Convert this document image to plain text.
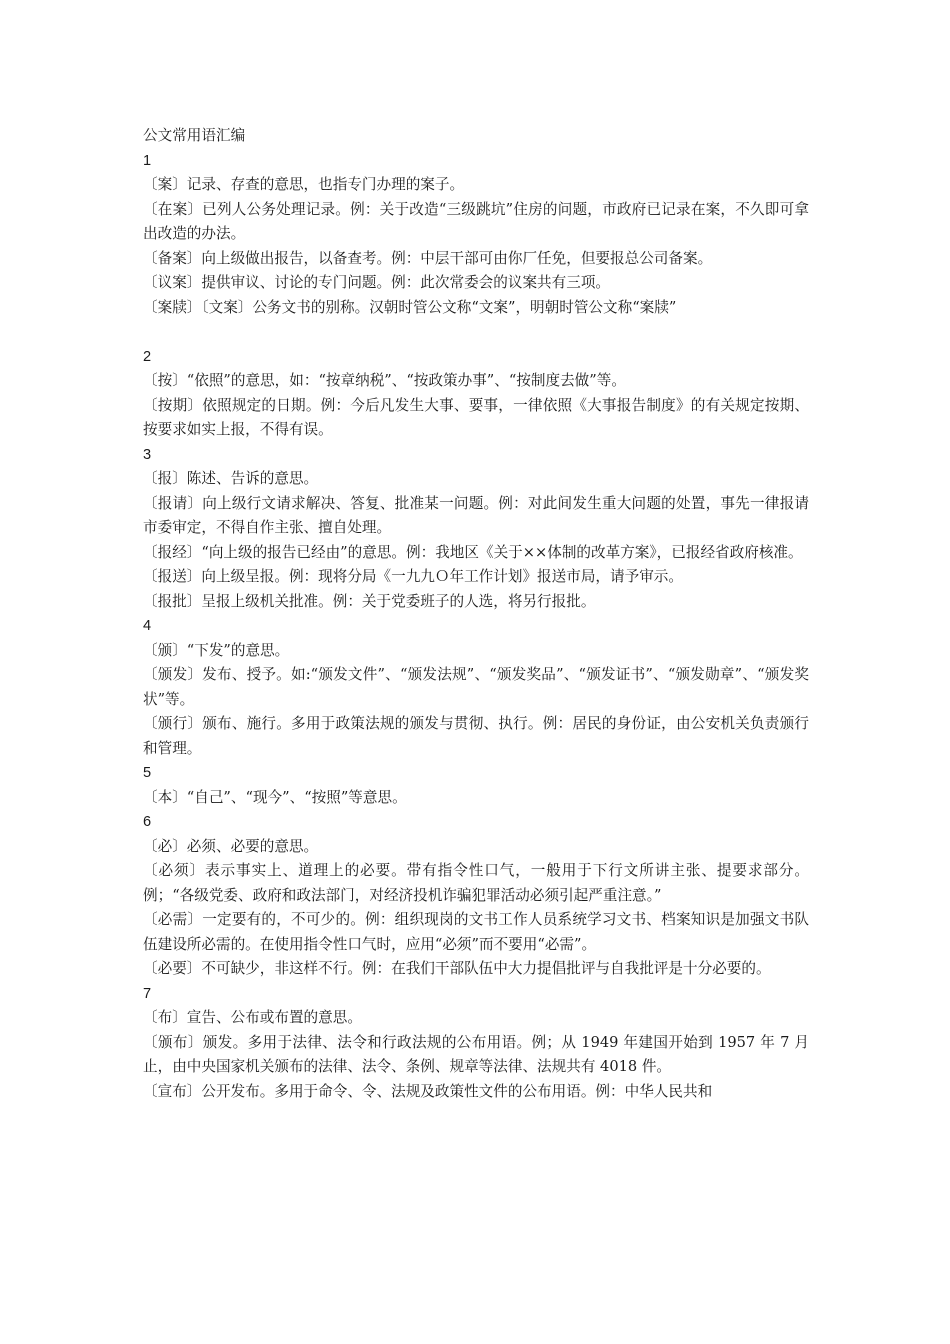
公文常用语汇编

1

〔案〕记录、存查的意思，也指专门办理的案子。

〔在案〕已列人公务处理记录。例：关于改造“三级跳坑”住房的问题，市政府已记录在案，不久即可拿出改造的办法。

〔备案〕向上级做出报告，以备查考。例：中层干部可由你厂任免，但要报总公司备案。

〔议案〕提供审议、讨论的专门问题。例：此次常委会的议案共有三项。

〔案牍〕〔文案〕公务文书的别称。汉朝时管公文称“文案”，明朝时管公文称“案牍”

2

〔按〕“依照”的意思，如：“按章纳税”、“按政策办事”、“按制度去做”等。

〔按期〕依照规定的日期。例：今后凡发生大事、要事，一律依照《大事报告制度》的有关规定按期、按要求如实上报，不得有误。

3

〔报〕陈述、告诉的意思。

〔报请〕向上级行文请求解决、答复、批准某一问题。例：对此间发生重大问题的处置，事先一律报请市委审定，不得自作主张、擅自处理。

〔报经〕“向上级的报告已经由”的意思。例：我地区《关于××体制的改革方案》，已报经省政府核准。

〔报送〕向上级呈报。例：现将分局《一九九Ｏ年工作计划》报送市局，请予审示。

〔报批〕呈报上级机关批准。例：关于党委班子的人选，将另行报批。

4

〔颁〕“下发”的意思。

〔颁发〕发布、授予。如:“颁发文件”、“颁发法规”、“颁发奖品”、“颁发证书”、“颁发勋章”、“颁发奖状”等。

〔颁行〕颁布、施行。多用于政策法规的颁发与贯彻、执行。例：居民的身份证，由公安机关负责颁行和管理。

5

〔本〕“自己”、“现今”、“按照”等意思。

6

〔必〕必须、必要的意思。

〔必须〕表示事实上、道理上的必要。带有指令性口气，一般用于下行文所讲主张、提要求部分。例；“各级党委、政府和政法部门，对经济投机诈骗犯罪活动必须引起严重注意。”

〔必需〕一定要有的，不可少的。例：组织现岗的文书工作人员系统学习文书、档案知识是加强文书队伍建设所必需的。在使用指令性口气时，应用“必须”而不要用“必需”。

〔必要〕不可缺少，非这样不行。例：在我们干部队伍中大力提倡批评与自我批评是十分必要的。

7

〔布〕宣告、公布或布置的意思。

〔颁布〕颁发。多用于法律、法令和行政法规的公布用语。例；从 1949 年建国开始到 1957 年 7 月止，由中央国家机关颁布的法律、法令、条例、规章等法律、法规共有 4018 件。

〔宣布〕公开发布。多用于命令、令、法规及政策性文件的公布用语。例：中华人民共和
